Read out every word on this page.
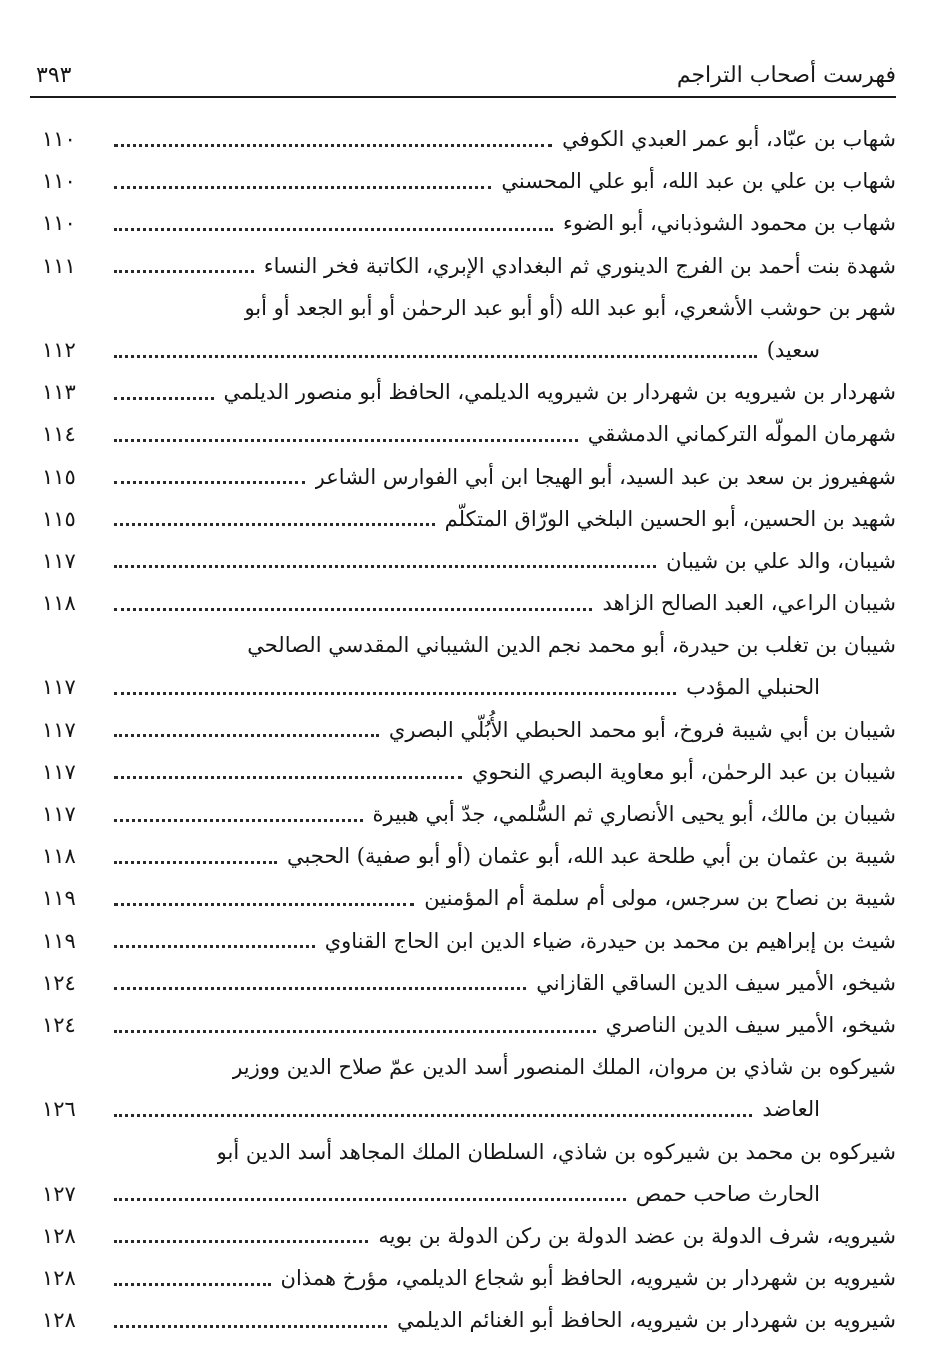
فهرست أصحاب التراجم
٣٩٣
شهاب بن عبّاد، أبو عمر العبدي الكوفي
١١٠
شهاب بن علي بن عبد الله، أبو علي المحسني
١١٠
شهاب بن محمود الشوذباني، أبو الضوء
١١٠
شهدة بنت أحمد بن الفرج الدينوري ثم البغدادي الإبري، الكاتبة فخر النساء
١١١
شهر بن حوشب الأشعري، أبو عبد الله (أو أبو عبد الرحمٰن أو أبو الجعد أو أبو
سعيد)
١١٢
شهردار بن شيرويه بن شهردار بن شيرويه الديلمي، الحافظ أبو منصور الديلمي
١١٣
شهرمان المولّه التركماني الدمشقي
١١٤
شهفيروز بن سعد بن عبد السيد، أبو الهيجا ابن أبي الفوارس الشاعر
١١٥
شهيد بن الحسين، أبو الحسين البلخي الورّاق المتكلّم
١١٥
شيبان، والد علي بن شيبان
١١٧
شيبان الراعي، العبد الصالح الزاهد
١١٨
شيبان بن تغلب بن حيدرة، أبو محمد نجم الدين الشيباني المقدسي الصالحي
الحنبلي المؤدب
١١٧
شيبان بن أبي شيبة فروخ، أبو محمد الحبطي الأُبُلّي البصري
١١٧
شيبان بن عبد الرحمٰن، أبو معاوية البصري النحوي
١١٧
شيبان بن مالك، أبو يحيى الأنصاري ثم السُّلمي، جدّ أبي هبيرة
١١٧
شيبة بن عثمان بن أبي طلحة عبد الله، أبو عثمان (أو أبو صفية) الحجبي
١١٨
شيبة بن نصاح بن سرجس، مولى أم سلمة أم المؤمنين
١١٩
شيث بن إبراهيم بن محمد بن حيدرة، ضياء الدين ابن الحاج القناوي
١١٩
شيخو، الأمير سيف الدين الساقي القازاني
١٢٤
شيخو، الأمير سيف الدين الناصري
١٢٤
شيركوه بن شاذي بن مروان، الملك المنصور أسد الدين عمّ صلاح الدين ووزير
العاضد
١٢٦
شيركوه بن محمد بن شيركوه بن شاذي، السلطان الملك المجاهد أسد الدين أبو
الحارث صاحب حمص
١٢٧
شيرويه، شرف الدولة بن عضد الدولة بن ركن الدولة بن بويه
١٢٨
شيرويه بن شهردار بن شيرويه، الحافظ أبو شجاع الديلمي، مؤرخ همذان
١٢٨
شيرويه بن شهردار بن شيرويه، الحافظ أبو الغنائم الديلمي
١٢٨
